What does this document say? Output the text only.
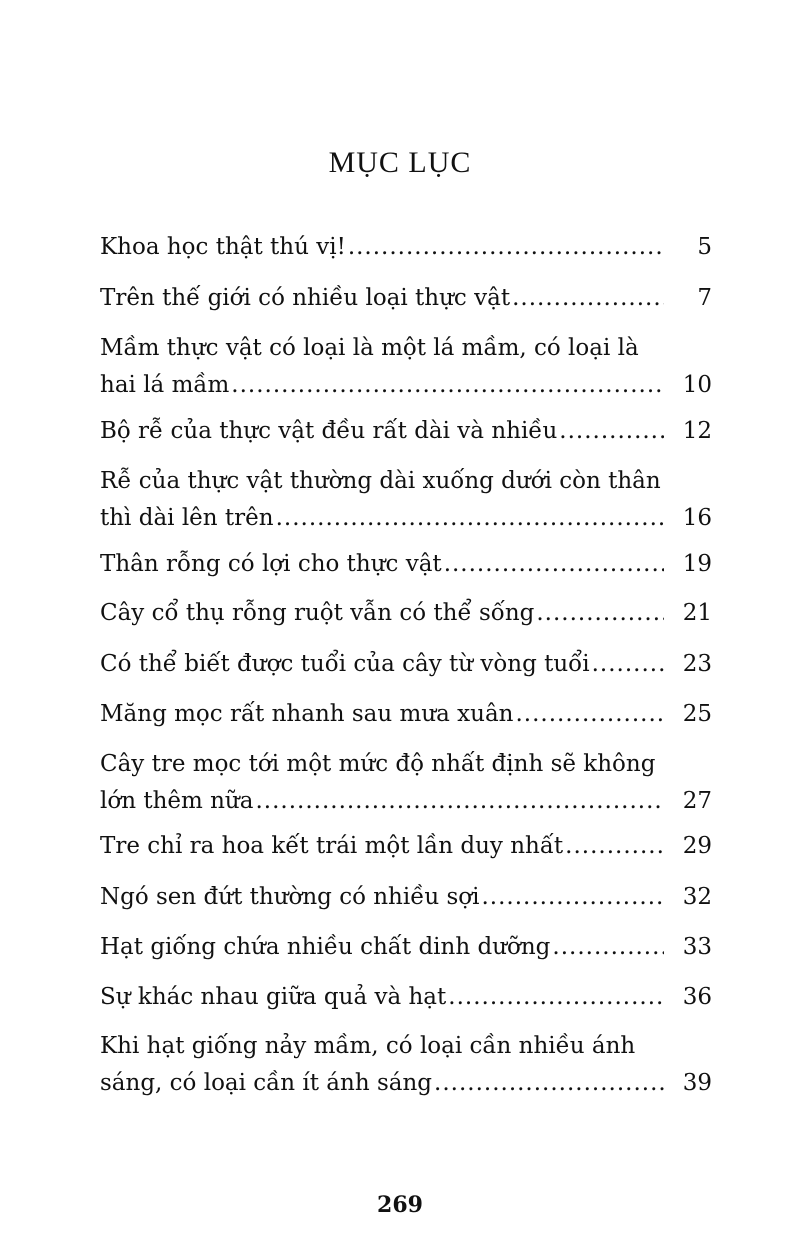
MỤC LỤC
Khoa học thật thú vị! .....	5
Trên thế giới có nhiều loại thực vật .....	7
Mầm thực vật có loại là một lá mầm, có loại là
hai lá mầm .....	10
Bộ rễ của thực vật đều rất dài và nhiều .....	12
Rễ của thực vật thường dài xuống dưới còn thân
thì dài lên trên .....	16
Thân rỗng có lợi cho thực vật .....	19
Cây cổ thụ rỗng ruột vẫn có thể sống .....	21
Có thể biết được tuổi của cây từ vòng tuổi .....	23
Măng mọc rất nhanh sau mưa xuân .....	25
Cây tre mọc tới một mức độ nhất định sẽ không
lớn thêm nữa .....	27
Tre chỉ ra hoa kết trái một lần duy nhất .....	29
Ngó sen đứt thường có nhiều sợi .....	32
Hạt giống chứa nhiều chất dinh dưỡng .....	33
Sự khác nhau giữa quả và hạt .....	36
Khi hạt giống nảy mầm, có loại cần nhiều ánh
sáng, có loại cần ít ánh sáng .....	39
269
